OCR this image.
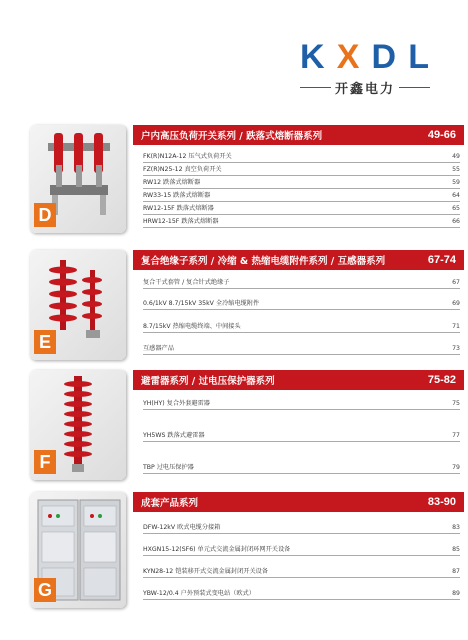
K X D L
开鑫电力
D
户内高压负荷开关系列 / 跌落式熔断器系列	49-66
FK(R)N12A-12 压气式负荷开关	49
FZ(R)N25-12 真空负荷开关	55
RW12 跌落式熔断器	59
RW33-15 跌落式熔断器	64
RW12-15F 跌落式熔断器	65
HRW12-15F 跌落式熔断器	66
E
复合绝缘子系列 / 冷缩 & 热缩电缆附件系列 / 互感器系列	67-74
复合干式套管 / 复合针式绝缘子	67
0.6/1kV 8.7/15kV 35kV 全冷缩电缆附件	69
8.7/15kV 热缩电缆终端、中间接头	71
互感器产品	73
F
避雷器系列 / 过电压保护器系列	75-82
YH(HY) 复合外套避雷器	75
YH5WS 跌落式避雷器	77
TBP 过电压保护器	79
G
成套产品系列	83-90
DFW-12kV 欧式电缆分接箱	83
HXGN15-12(SF6) 单元式交流金属封闭环网开关设备	85
KYN28-12 铠装移开式交流金属封闭开关设备	87
YBW-12/0.4 户外预装式变电站（欧式）	89
